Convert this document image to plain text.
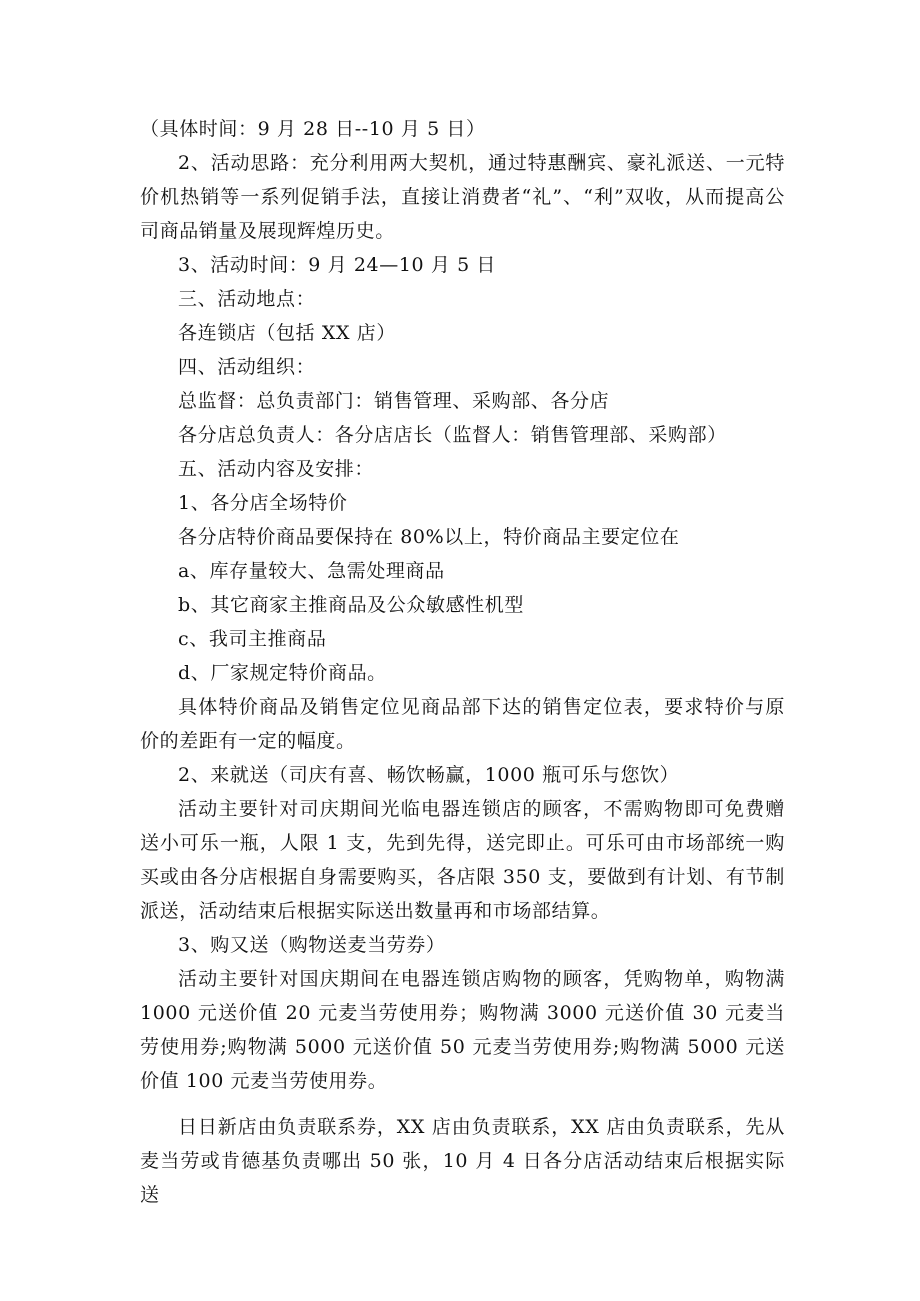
（具体时间：9 月 28 日--10 月 5 日）

2、活动思路：充分利用两大契机，通过特惠酬宾、豪礼派送、一元特价机热销等一系列促销手法，直接让消费者“礼”、“利”双收，从而提高公司商品销量及展现辉煌历史。

3、活动时间：9 月 24—10 月 5 日

三、活动地点：

各连锁店（包括 XX 店）

四、活动组织：

总监督：总负责部门：销售管理、采购部、各分店

各分店总负责人：各分店店长（监督人：销售管理部、采购部）

五、活动内容及安排：

1、各分店全场特价

各分店特价商品要保持在 80%以上，特价商品主要定位在

a、库存量较大、急需处理商品

b、其它商家主推商品及公众敏感性机型

c、我司主推商品

d、厂家规定特价商品。

具体特价商品及销售定位见商品部下达的销售定位表，要求特价与原价的差距有一定的幅度。

2、来就送（司庆有喜、畅饮畅赢，1000 瓶可乐与您饮）

活动主要针对司庆期间光临电器连锁店的顾客，不需购物即可免费赠送小可乐一瓶，人限 1 支，先到先得，送完即止。可乐可由市场部统一购买或由各分店根据自身需要购买，各店限 350 支，要做到有计划、有节制派送，活动结束后根据实际送出数量再和市场部结算。

3、购又送（购物送麦当劳券）

活动主要针对国庆期间在电器连锁店购物的顾客，凭购物单，购物满 1000 元送价值 20 元麦当劳使用券；购物满 3000 元送价值 30 元麦当劳使用券;购物满 5000 元送价值 50 元麦当劳使用券;购物满 5000 元送价值 100 元麦当劳使用券。

日日新店由负责联系券，XX 店由负责联系，XX 店由负责联系，先从麦当劳或肯德基负责哪出 50 张，10 月 4 日各分店活动结束后根据实际送
